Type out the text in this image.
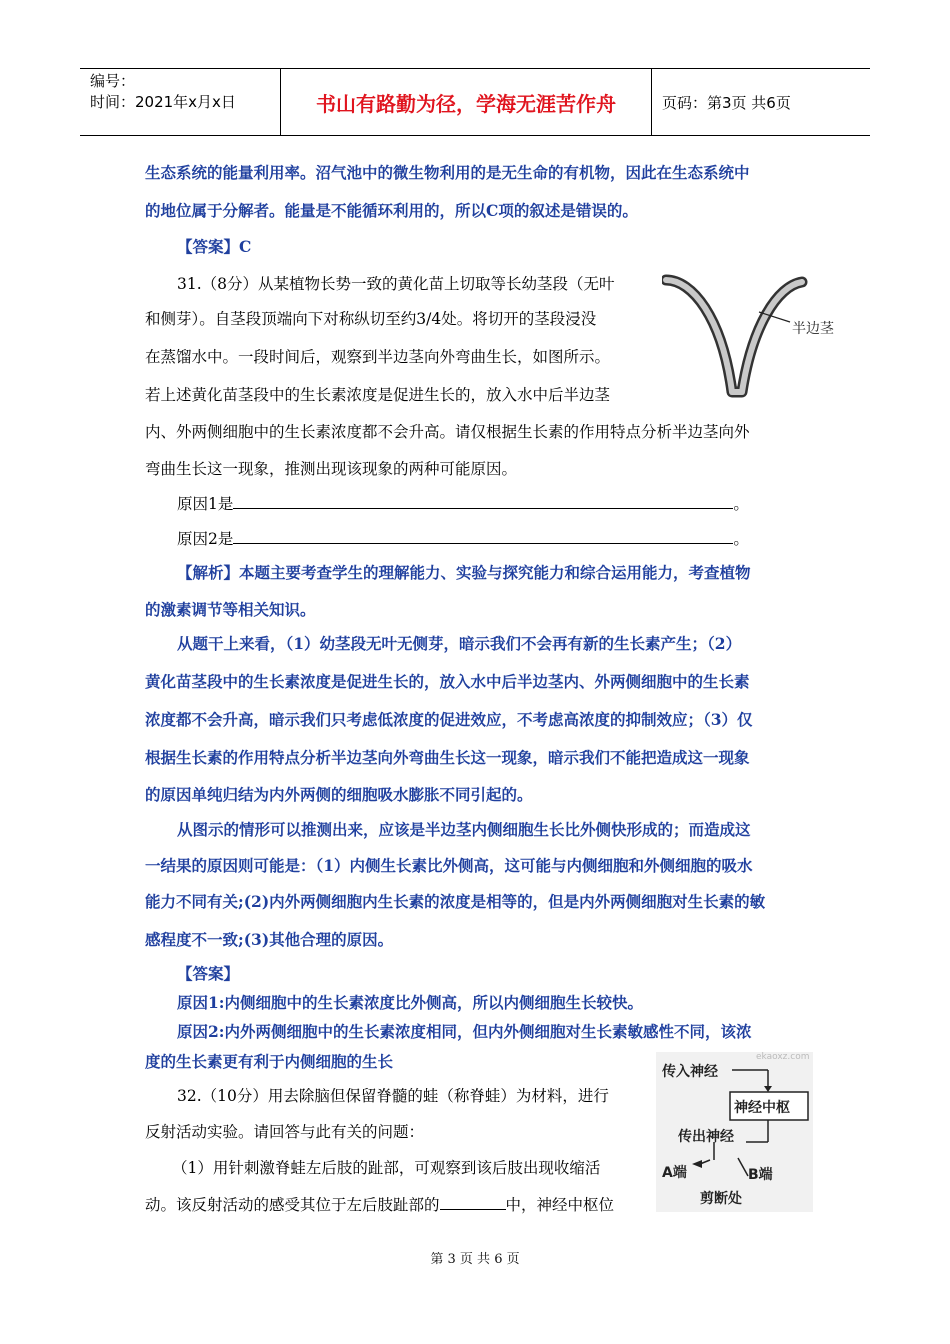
编号：
时间：2021年x月x日	书山有路勤为径，学海无涯苦作舟	页码：第3页 共6页
生态系统的能量利用率。沼气池中的微生物利用的是无生命的有机物，因此在生态系统中
的地位属于分解者。能量是不能循环利用的，所以C项的叙述是错误的。
【答案】C
31.（8分）从某植物长势一致的黄化苗上切取等长幼茎段（无叶
和侧芽）。自茎段顶端向下对称纵切至约3/4处。将切开的茎段浸没
在蒸馏水中。一段时间后，观察到半边茎向外弯曲生长，如图所示。
若上述黄化苗茎段中的生长素浓度是促进生长的，放入水中后半边茎
内、外两侧细胞中的生长素浓度都不会升高。请仅根据生长素的作用特点分析半边茎向外
弯曲生长这一现象，推测出现该现象的两种可能原因。
原因1是	。
原因2是	。
【解析】本题主要考查学生的理解能力、实验与探究能力和综合运用能力，考查植物
的激素调节等相关知识。
从题干上来看，（1）幼茎段无叶无侧芽，暗示我们不会再有新的生长素产生；（2）
黄化苗茎段中的生长素浓度是促进生长的，放入水中后半边茎内、外两侧细胞中的生长素
浓度都不会升高，暗示我们只考虑低浓度的促进效应，不考虑高浓度的抑制效应；（3）仅
根据生长素的作用特点分析半边茎向外弯曲生长这一现象，暗示我们不能把造成这一现象
的原因单纯归结为内外两侧的细胞吸水膨胀不同引起的。
从图示的情形可以推测出来，应该是半边茎内侧细胞生长比外侧快形成的；而造成这
一结果的原因则可能是：（1）内侧生长素比外侧高，这可能与内侧细胞和外侧细胞的吸水
能力不同有关;(2)内外两侧细胞内生长素的浓度是相等的，但是内外两侧细胞对生长素的敏
感程度不一致;(3)其他合理的原因。
【答案】
原因1:内侧细胞中的生长素浓度比外侧高，所以内侧细胞生长较快。
原因2:内外两侧细胞中的生长素浓度相同，但内外侧细胞对生长素敏感性不同，该浓
度的生长素更有利于内侧细胞的生长
32.（10分）用去除脑但保留脊髓的蛙（称脊蛙）为材料，进行
反射活动实验。请回答与此有关的问题：
（1）用针刺激脊蛙左后肢的趾部，可观察到该后肢出现收缩活
动。该反射活动的感受其位于左后肢趾部的	中，神经中枢位
半边茎
ekaoxz.com
传入神经
神经中枢
传出神经
A端	B端
剪断处
第 3 页 共 6 页
